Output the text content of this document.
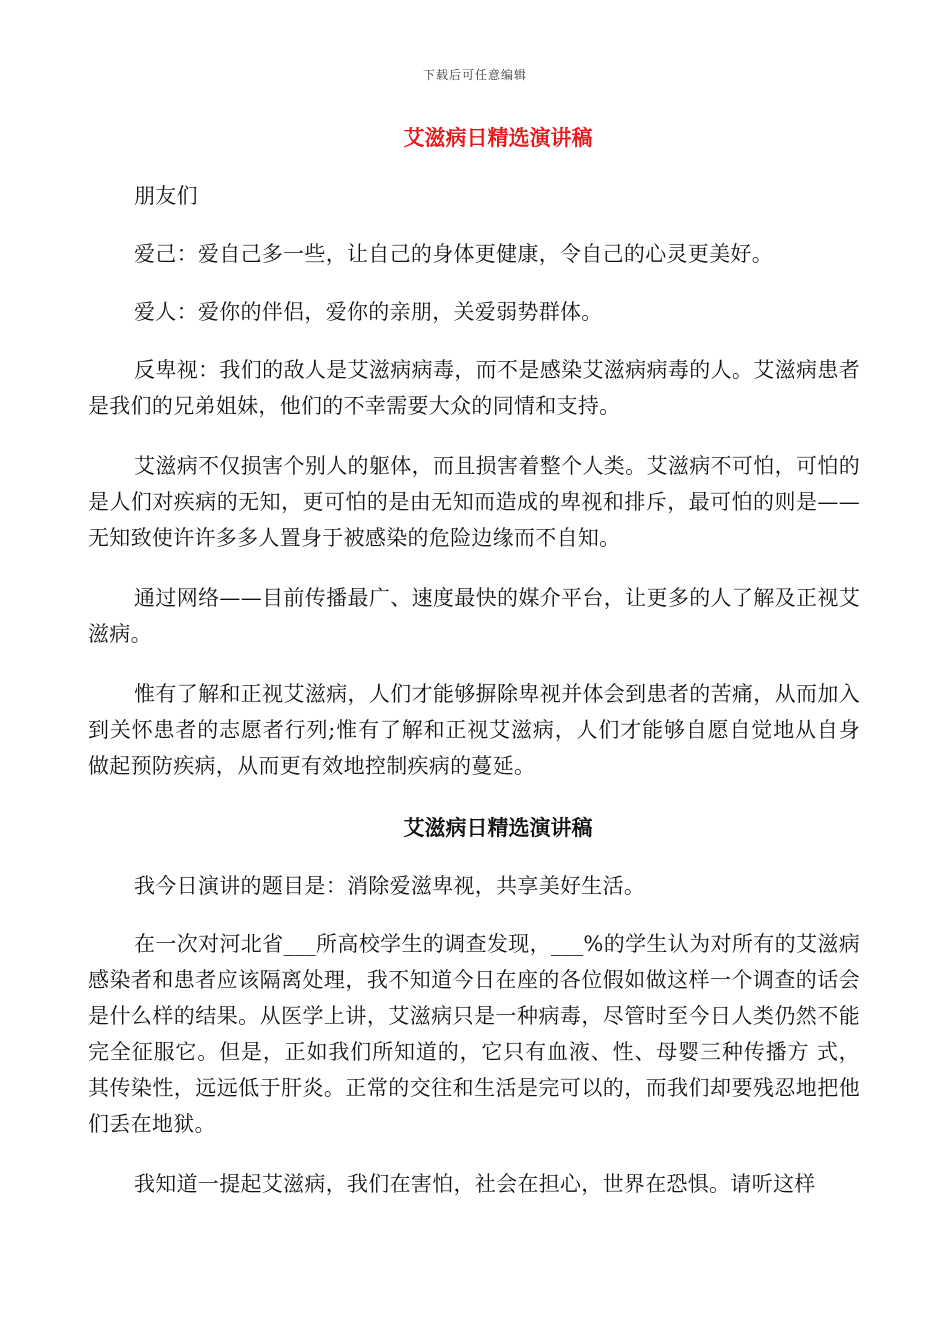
下载后可任意编辑
艾滋病日精选演讲稿
朋友们
爱己：爱自己多一些，让自己的身体更健康，令自己的心灵更美好。
爱人：爱你的伴侣，爱你的亲朋，关爱弱势群体。
反卑视：我们的敌人是艾滋病病毒，而不是感染艾滋病病毒的人。艾滋病患者是我们的兄弟姐妹，他们的不幸需要大众的同情和支持。
艾滋病不仅损害个别人的躯体，而且损害着整个人类。艾滋病不可怕，可怕的是人们对疾病的无知，更可怕的是由无知而造成的卑视和排斥，最可怕的则是——无知致使许许多多人置身于被感染的危险边缘而不自知。
通过网络——目前传播最广、速度最快的媒介平台，让更多的人了解及正视艾滋病。
惟有了解和正视艾滋病，人们才能够摒除卑视并体会到患者的苦痛，从而加入到关怀患者的志愿者行列;惟有了解和正视艾滋病，人们才能够自愿自觉地从自身做起预防疾病，从而更有效地控制疾病的蔓延。
艾滋病日精选演讲稿
我今日演讲的题目是：消除爱滋卑视，共享美好生活。
在一次对河北省___所高校学生的调查发现，___%的学生认为对所有的艾滋病感染者和患者应该隔离处理，我不知道今日在座的各位假如做这样一个调查的话会是什么样的结果。从医学上讲，艾滋病只是一种病毒，尽管时至今日人类仍然不能完全征服它。但是，正如我们所知道的，它只有血液、性、母婴三种传播方 式，其传染性，远远低于肝炎。正常的交往和生活是完可以的，而我们却要残忍地把他们丢在地狱。
我知道一提起艾滋病，我们在害怕，社会在担心，世界在恐惧。请听这样
